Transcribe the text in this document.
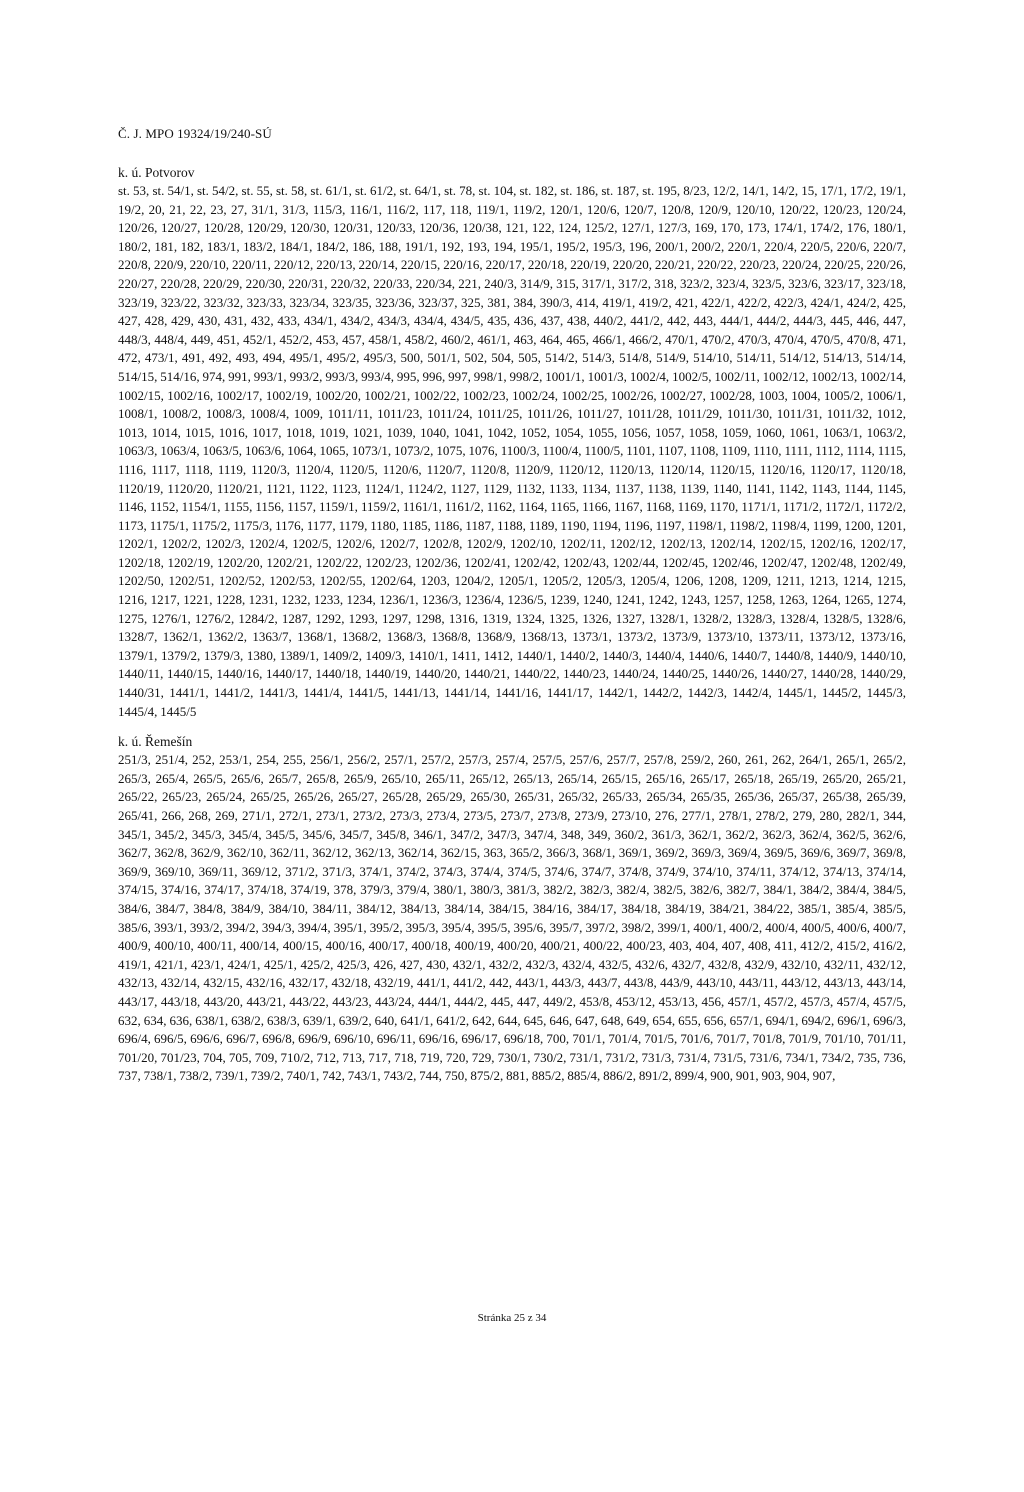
Č. J. MPO 19324/19/240-SÚ
k. ú. Potvorov
st. 53, st. 54/1, st. 54/2, st. 55, st. 58, st. 61/1, st. 61/2, st. 64/1, st. 78, st. 104, st. 182, st. 186, st. 187, st. 195, 8/23, 12/2, 14/1, 14/2, 15, 17/1, 17/2, 19/1, 19/2, 20, 21, 22, 23, 27, 31/1, 31/3, 115/3, 116/1, 116/2, 117, 118, 119/1, 119/2, 120/1, 120/6, 120/7, 120/8, 120/9, 120/10, 120/22, 120/23, 120/24, 120/26, 120/27, 120/28, 120/29, 120/30, 120/31, 120/33, 120/36, 120/38, 121, 122, 124, 125/2, 127/1, 127/3, 169, 170, 173, 174/1, 174/2, 176, 180/1, 180/2, 181, 182, 183/1, 183/2, 184/1, 184/2, 186, 188, 191/1, 192, 193, 194, 195/1, 195/2, 195/3, 196, 200/1, 200/2, 220/1, 220/4, 220/5, 220/6, 220/7, 220/8, 220/9, 220/10, 220/11, 220/12, 220/13, 220/14, 220/15, 220/16, 220/17, 220/18, 220/19, 220/20, 220/21, 220/22, 220/23, 220/24, 220/25, 220/26, 220/27, 220/28, 220/29, 220/30, 220/31, 220/32, 220/33, 220/34, 221, 240/3, 314/9, 315, 317/1, 317/2, 318, 323/2, 323/4, 323/5, 323/6, 323/17, 323/18, 323/19, 323/22, 323/32, 323/33, 323/34, 323/35, 323/36, 323/37, 325, 381, 384, 390/3, 414, 419/1, 419/2, 421, 422/1, 422/2, 422/3, 424/1, 424/2, 425, 427, 428, 429, 430, 431, 432, 433, 434/1, 434/2, 434/3, 434/4, 434/5, 435, 436, 437, 438, 440/2, 441/2, 442, 443, 444/1, 444/2, 444/3, 445, 446, 447, 448/3, 448/4, 449, 451, 452/1, 452/2, 453, 457, 458/1, 458/2, 460/2, 461/1, 463, 464, 465, 466/1, 466/2, 470/1, 470/2, 470/3, 470/4, 470/5, 470/8, 471, 472, 473/1, 491, 492, 493, 494, 495/1, 495/2, 495/3, 500, 501/1, 502, 504, 505, 514/2, 514/3, 514/8, 514/9, 514/10, 514/11, 514/12, 514/13, 514/14, 514/15, 514/16, 974, 991, 993/1, 993/2, 993/3, 993/4, 995, 996, 997, 998/1, 998/2, 1001/1, 1001/3, 1002/4, 1002/5, 1002/11, 1002/12, 1002/13, 1002/14, 1002/15, 1002/16, 1002/17, 1002/19, 1002/20, 1002/21, 1002/22, 1002/23, 1002/24, 1002/25, 1002/26, 1002/27, 1002/28, 1003, 1004, 1005/2, 1006/1, 1008/1, 1008/2, 1008/3, 1008/4, 1009, 1011/11, 1011/23, 1011/24, 1011/25, 1011/26, 1011/27, 1011/28, 1011/29, 1011/30, 1011/31, 1011/32, 1012, 1013, 1014, 1015, 1016, 1017, 1018, 1019, 1021, 1039, 1040, 1041, 1042, 1052, 1054, 1055, 1056, 1057, 1058, 1059, 1060, 1061, 1063/1, 1063/2, 1063/3, 1063/4, 1063/5, 1063/6, 1064, 1065, 1073/1, 1073/2, 1075, 1076, 1100/3, 1100/4, 1100/5, 1101, 1107, 1108, 1109, 1110, 1111, 1112, 1114, 1115, 1116, 1117, 1118, 1119, 1120/3, 1120/4, 1120/5, 1120/6, 1120/7, 1120/8, 1120/9, 1120/12, 1120/13, 1120/14, 1120/15, 1120/16, 1120/17, 1120/18, 1120/19, 1120/20, 1120/21, 1121, 1122, 1123, 1124/1, 1124/2, 1127, 1129, 1132, 1133, 1134, 1137, 1138, 1139, 1140, 1141, 1142, 1143, 1144, 1145, 1146, 1152, 1154/1, 1155, 1156, 1157, 1159/1, 1159/2, 1161/1, 1161/2, 1162, 1164, 1165, 1166, 1167, 1168, 1169, 1170, 1171/1, 1171/2, 1172/1, 1172/2, 1173, 1175/1, 1175/2, 1175/3, 1176, 1177, 1179, 1180, 1185, 1186, 1187, 1188, 1189, 1190, 1194, 1196, 1197, 1198/1, 1198/2, 1198/4, 1199, 1200, 1201, 1202/1, 1202/2, 1202/3, 1202/4, 1202/5, 1202/6, 1202/7, 1202/8, 1202/9, 1202/10, 1202/11, 1202/12, 1202/13, 1202/14, 1202/15, 1202/16, 1202/17, 1202/18, 1202/19, 1202/20, 1202/21, 1202/22, 1202/23, 1202/36, 1202/41, 1202/42, 1202/43, 1202/44, 1202/45, 1202/46, 1202/47, 1202/48, 1202/49, 1202/50, 1202/51, 1202/52, 1202/53, 1202/55, 1202/64, 1203, 1204/2, 1205/1, 1205/2, 1205/3, 1205/4, 1206, 1208, 1209, 1211, 1213, 1214, 1215, 1216, 1217, 1221, 1228, 1231, 1232, 1233, 1234, 1236/1, 1236/3, 1236/4, 1236/5, 1239, 1240, 1241, 1242, 1243, 1257, 1258, 1263, 1264, 1265, 1274, 1275, 1276/1, 1276/2, 1284/2, 1287, 1292, 1293, 1297, 1298, 1316, 1319, 1324, 1325, 1326, 1327, 1328/1, 1328/2, 1328/3, 1328/4, 1328/5, 1328/6, 1328/7, 1362/1, 1362/2, 1363/7, 1368/1, 1368/2, 1368/3, 1368/8, 1368/9, 1368/13, 1373/1, 1373/2, 1373/9, 1373/10, 1373/11, 1373/12, 1373/16, 1379/1, 1379/2, 1379/3, 1380, 1389/1, 1409/2, 1409/3, 1410/1, 1411, 1412, 1440/1, 1440/2, 1440/3, 1440/4, 1440/6, 1440/7, 1440/8, 1440/9, 1440/10, 1440/11, 1440/15, 1440/16, 1440/17, 1440/18, 1440/19, 1440/20, 1440/21, 1440/22, 1440/23, 1440/24, 1440/25, 1440/26, 1440/27, 1440/28, 1440/29, 1440/31, 1441/1, 1441/2, 1441/3, 1441/4, 1441/5, 1441/13, 1441/14, 1441/16, 1441/17, 1442/1, 1442/2, 1442/3, 1442/4, 1445/1, 1445/2, 1445/3, 1445/4, 1445/5
k. ú. Řemešín
251/3, 251/4, 252, 253/1, 254, 255, 256/1, 256/2, 257/1, 257/2, 257/3, 257/4, 257/5, 257/6, 257/7, 257/8, 259/2, 260, 261, 262, 264/1, 265/1, 265/2, 265/3, 265/4, 265/5, 265/6, 265/7, 265/8, 265/9, 265/10, 265/11, 265/12, 265/13, 265/14, 265/15, 265/16, 265/17, 265/18, 265/19, 265/20, 265/21, 265/22, 265/23, 265/24, 265/25, 265/26, 265/27, 265/28, 265/29, 265/30, 265/31, 265/32, 265/33, 265/34, 265/35, 265/36, 265/37, 265/38, 265/39, 265/41, 266, 268, 269, 271/1, 272/1, 273/1, 273/2, 273/3, 273/4, 273/5, 273/7, 273/8, 273/9, 273/10, 276, 277/1, 278/1, 278/2, 279, 280, 282/1, 344, 345/1, 345/2, 345/3, 345/4, 345/5, 345/6, 345/7, 345/8, 346/1, 347/2, 347/3, 347/4, 348, 349, 360/2, 361/3, 362/1, 362/2, 362/3, 362/4, 362/5, 362/6, 362/7, 362/8, 362/9, 362/10, 362/11, 362/12, 362/13, 362/14, 362/15, 363, 365/2, 366/3, 368/1, 369/1, 369/2, 369/3, 369/4, 369/5, 369/6, 369/7, 369/8, 369/9, 369/10, 369/11, 369/12, 371/2, 371/3, 374/1, 374/2, 374/3, 374/4, 374/5, 374/6, 374/7, 374/8, 374/9, 374/10, 374/11, 374/12, 374/13, 374/14, 374/15, 374/16, 374/17, 374/18, 374/19, 378, 379/3, 379/4, 380/1, 380/3, 381/3, 382/2, 382/3, 382/4, 382/5, 382/6, 382/7, 384/1, 384/2, 384/4, 384/5, 384/6, 384/7, 384/8, 384/9, 384/10, 384/11, 384/12, 384/13, 384/14, 384/15, 384/16, 384/17, 384/18, 384/19, 384/21, 384/22, 385/1, 385/4, 385/5, 385/6, 393/1, 393/2, 394/2, 394/3, 394/4, 395/1, 395/2, 395/3, 395/4, 395/5, 395/6, 395/7, 397/2, 398/2, 399/1, 400/1, 400/2, 400/4, 400/5, 400/6, 400/7, 400/9, 400/10, 400/11, 400/14, 400/15, 400/16, 400/17, 400/18, 400/19, 400/20, 400/21, 400/22, 400/23, 403, 404, 407, 408, 411, 412/2, 415/2, 416/2, 419/1, 421/1, 423/1, 424/1, 425/1, 425/2, 425/3, 426, 427, 430, 432/1, 432/2, 432/3, 432/4, 432/5, 432/6, 432/7, 432/8, 432/9, 432/10, 432/11, 432/12, 432/13, 432/14, 432/15, 432/16, 432/17, 432/18, 432/19, 441/1, 441/2, 442, 443/1, 443/3, 443/7, 443/8, 443/9, 443/10, 443/11, 443/12, 443/13, 443/14, 443/17, 443/18, 443/20, 443/21, 443/22, 443/23, 443/24, 444/1, 444/2, 445, 447, 449/2, 453/8, 453/12, 453/13, 456, 457/1, 457/2, 457/3, 457/4, 457/5, 632, 634, 636, 638/1, 638/2, 638/3, 639/1, 639/2, 640, 641/1, 641/2, 642, 644, 645, 646, 647, 648, 649, 654, 655, 656, 657/1, 694/1, 694/2, 696/1, 696/3, 696/4, 696/5, 696/6, 696/7, 696/8, 696/9, 696/10, 696/11, 696/16, 696/17, 696/18, 700, 701/1, 701/4, 701/5, 701/6, 701/7, 701/8, 701/9, 701/10, 701/11, 701/20, 701/23, 704, 705, 709, 710/2, 712, 713, 717, 718, 719, 720, 729, 730/1, 730/2, 731/1, 731/2, 731/3, 731/4, 731/5, 731/6, 734/1, 734/2, 735, 736, 737, 738/1, 738/2, 739/1, 739/2, 740/1, 742, 743/1, 743/2, 744, 750, 875/2, 881, 885/2, 885/4, 886/2, 891/2, 899/4, 900, 901, 903, 904, 907,
Stránka 25 z 34
